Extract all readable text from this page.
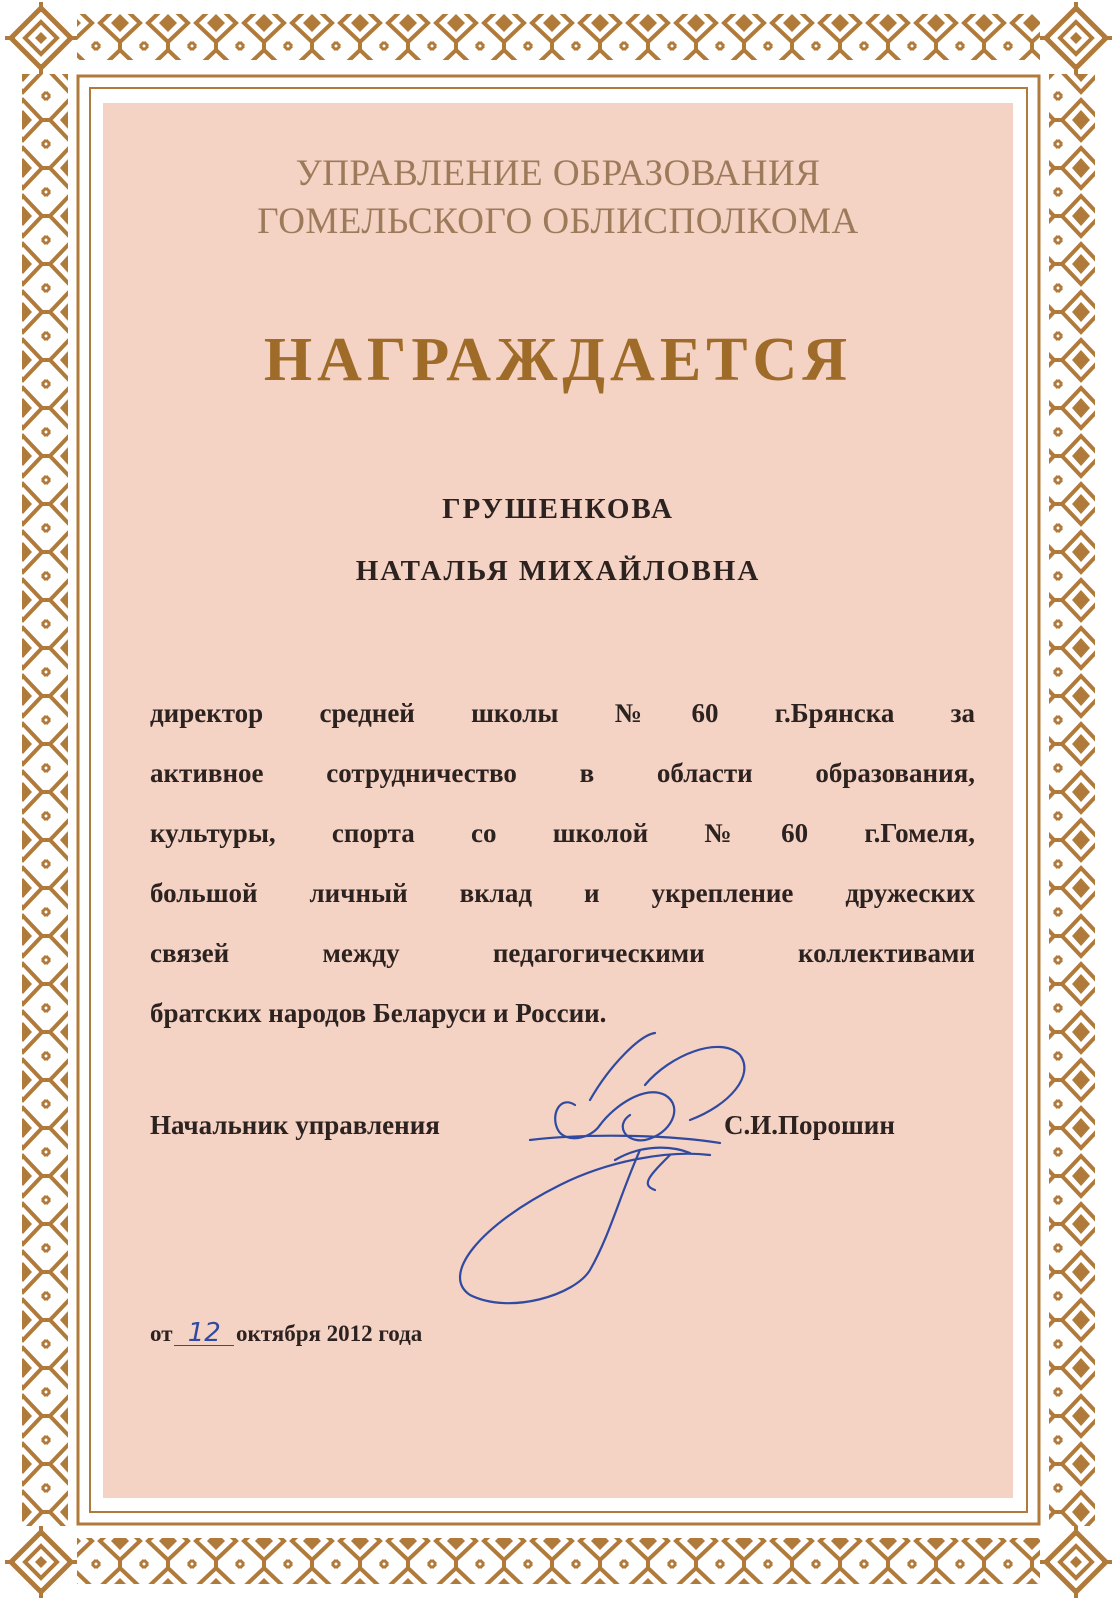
УПРАВЛЕНИЕ ОБРАЗОВАНИЯ
ГОМЕЛЬСКОГО ОБЛИСПОЛКОМА
НАГРАЖДАЕТСЯ
ГРУШЕНКОВА
НАТАЛЬЯ МИХАЙЛОВНА
директор средней школы №60 г.Брянска за
активное сотрудничество в области образования,
культуры, спорта со школой №60 г.Гомеля,
большой личный вклад и укрепление дружеских
связей между педагогическими коллективами
братских народов Беларуси и России.
Начальник управления	С.И.Порошин
от 12 октября 2012 года
